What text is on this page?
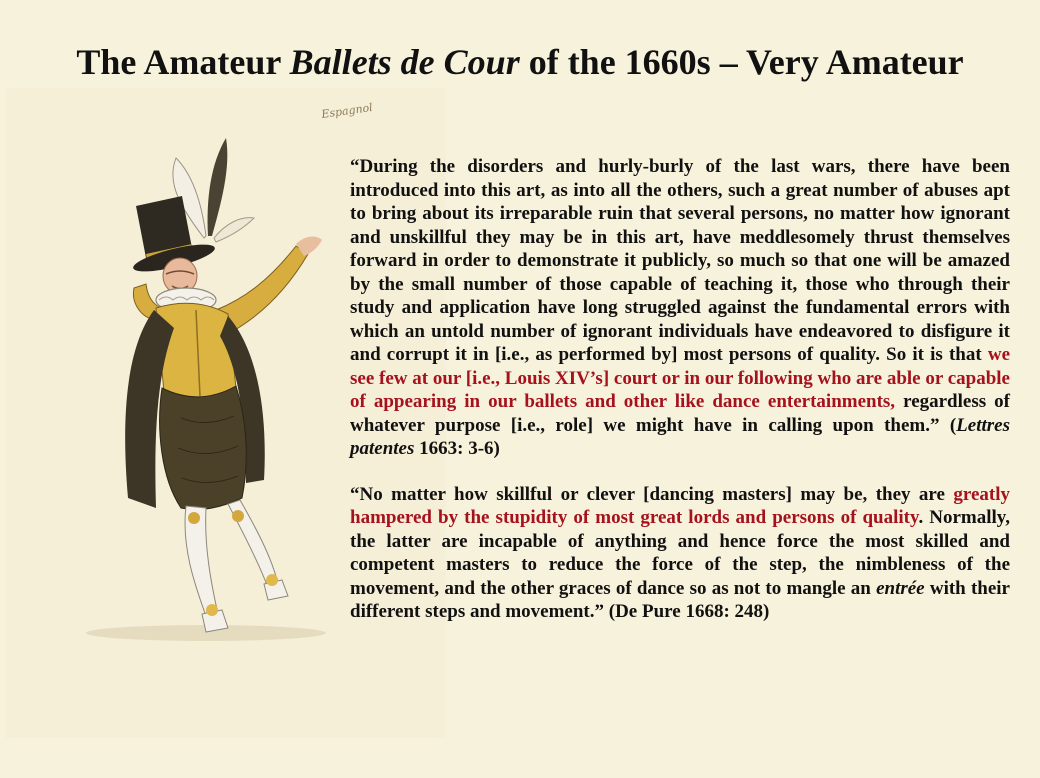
The Amateur Ballets de Cour of the 1660s – Very Amateur
Espagnol

“During the disorders and hurly-burly of the last wars, there have been introduced into this art, as into all the others, such a great number of abuses apt to bring about its irreparable ruin that several persons, no matter how ignorant and unskillful they may be in this art, have meddlesomely thrust themselves forward in order to demonstrate it publicly, so much so that one will be amazed by the small number of those capable of teaching it, those who through their study and application have long struggled against the fundamental errors with which an untold number of ignorant individuals have endeavored to disfigure it and corrupt it in [i.e., as performed by] most persons of quality. So it is that we see few at our [i.e., Louis XIV’s] court or in our following who are able or capable of appearing in our ballets and other like dance entertainments, regardless of whatever purpose [i.e., role] we might have in calling upon them.” (Lettres patentes 1663: 3-6)

“No matter how skillful or clever [dancing masters] may be, they are greatly hampered by the stupidity of most great lords and persons of quality. Normally, the latter are incapable of anything and hence force the most skilled and competent masters to reduce the force of the step, the nimbleness of the movement, and the other graces of dance so as not to mangle an entrée with their different steps and movement.” (De Pure 1668: 248)
